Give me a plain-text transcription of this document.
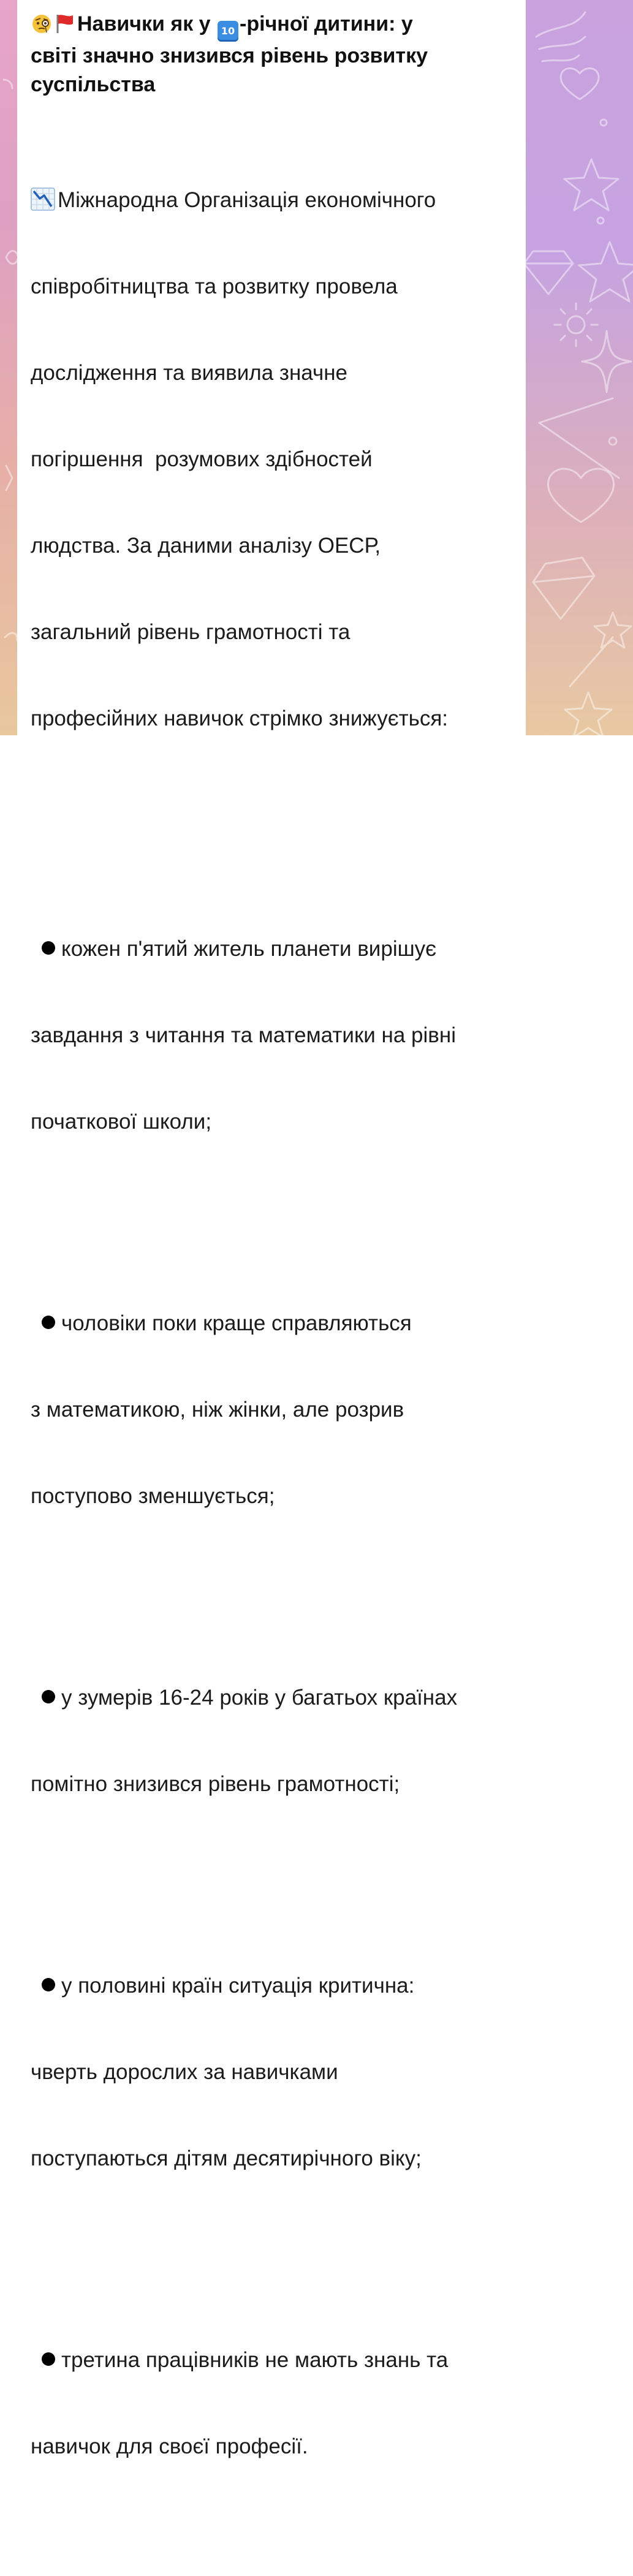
Навички як у 10 -річної дитини: у
світі значно знизився рівень розвитку
суспільства

Міжнародна Організація економічного

співробітництва та розвитку провела

дослідження та виявила значне

погіршення  розумових здібностей

людства. За даними аналізу ОЕСР,

загальний рівень грамотності та

професійних навичок стрімко знижується:

кожен п'ятий житель планети вирішує

завдання з читання та математики на рівні

початкової школи;

чоловіки поки краще справляються

з математикою, ніж жінки, але розрив

поступово зменшується;

у зумерів 16-24 років у багатьох країнах

помітно знизився рівень грамотності;

у половині країн ситуація критична:

чверть дорослих за навичками

поступаються дітям десятирічного віку;

третина працівників не мають знань та

навичок для своєї професії.
